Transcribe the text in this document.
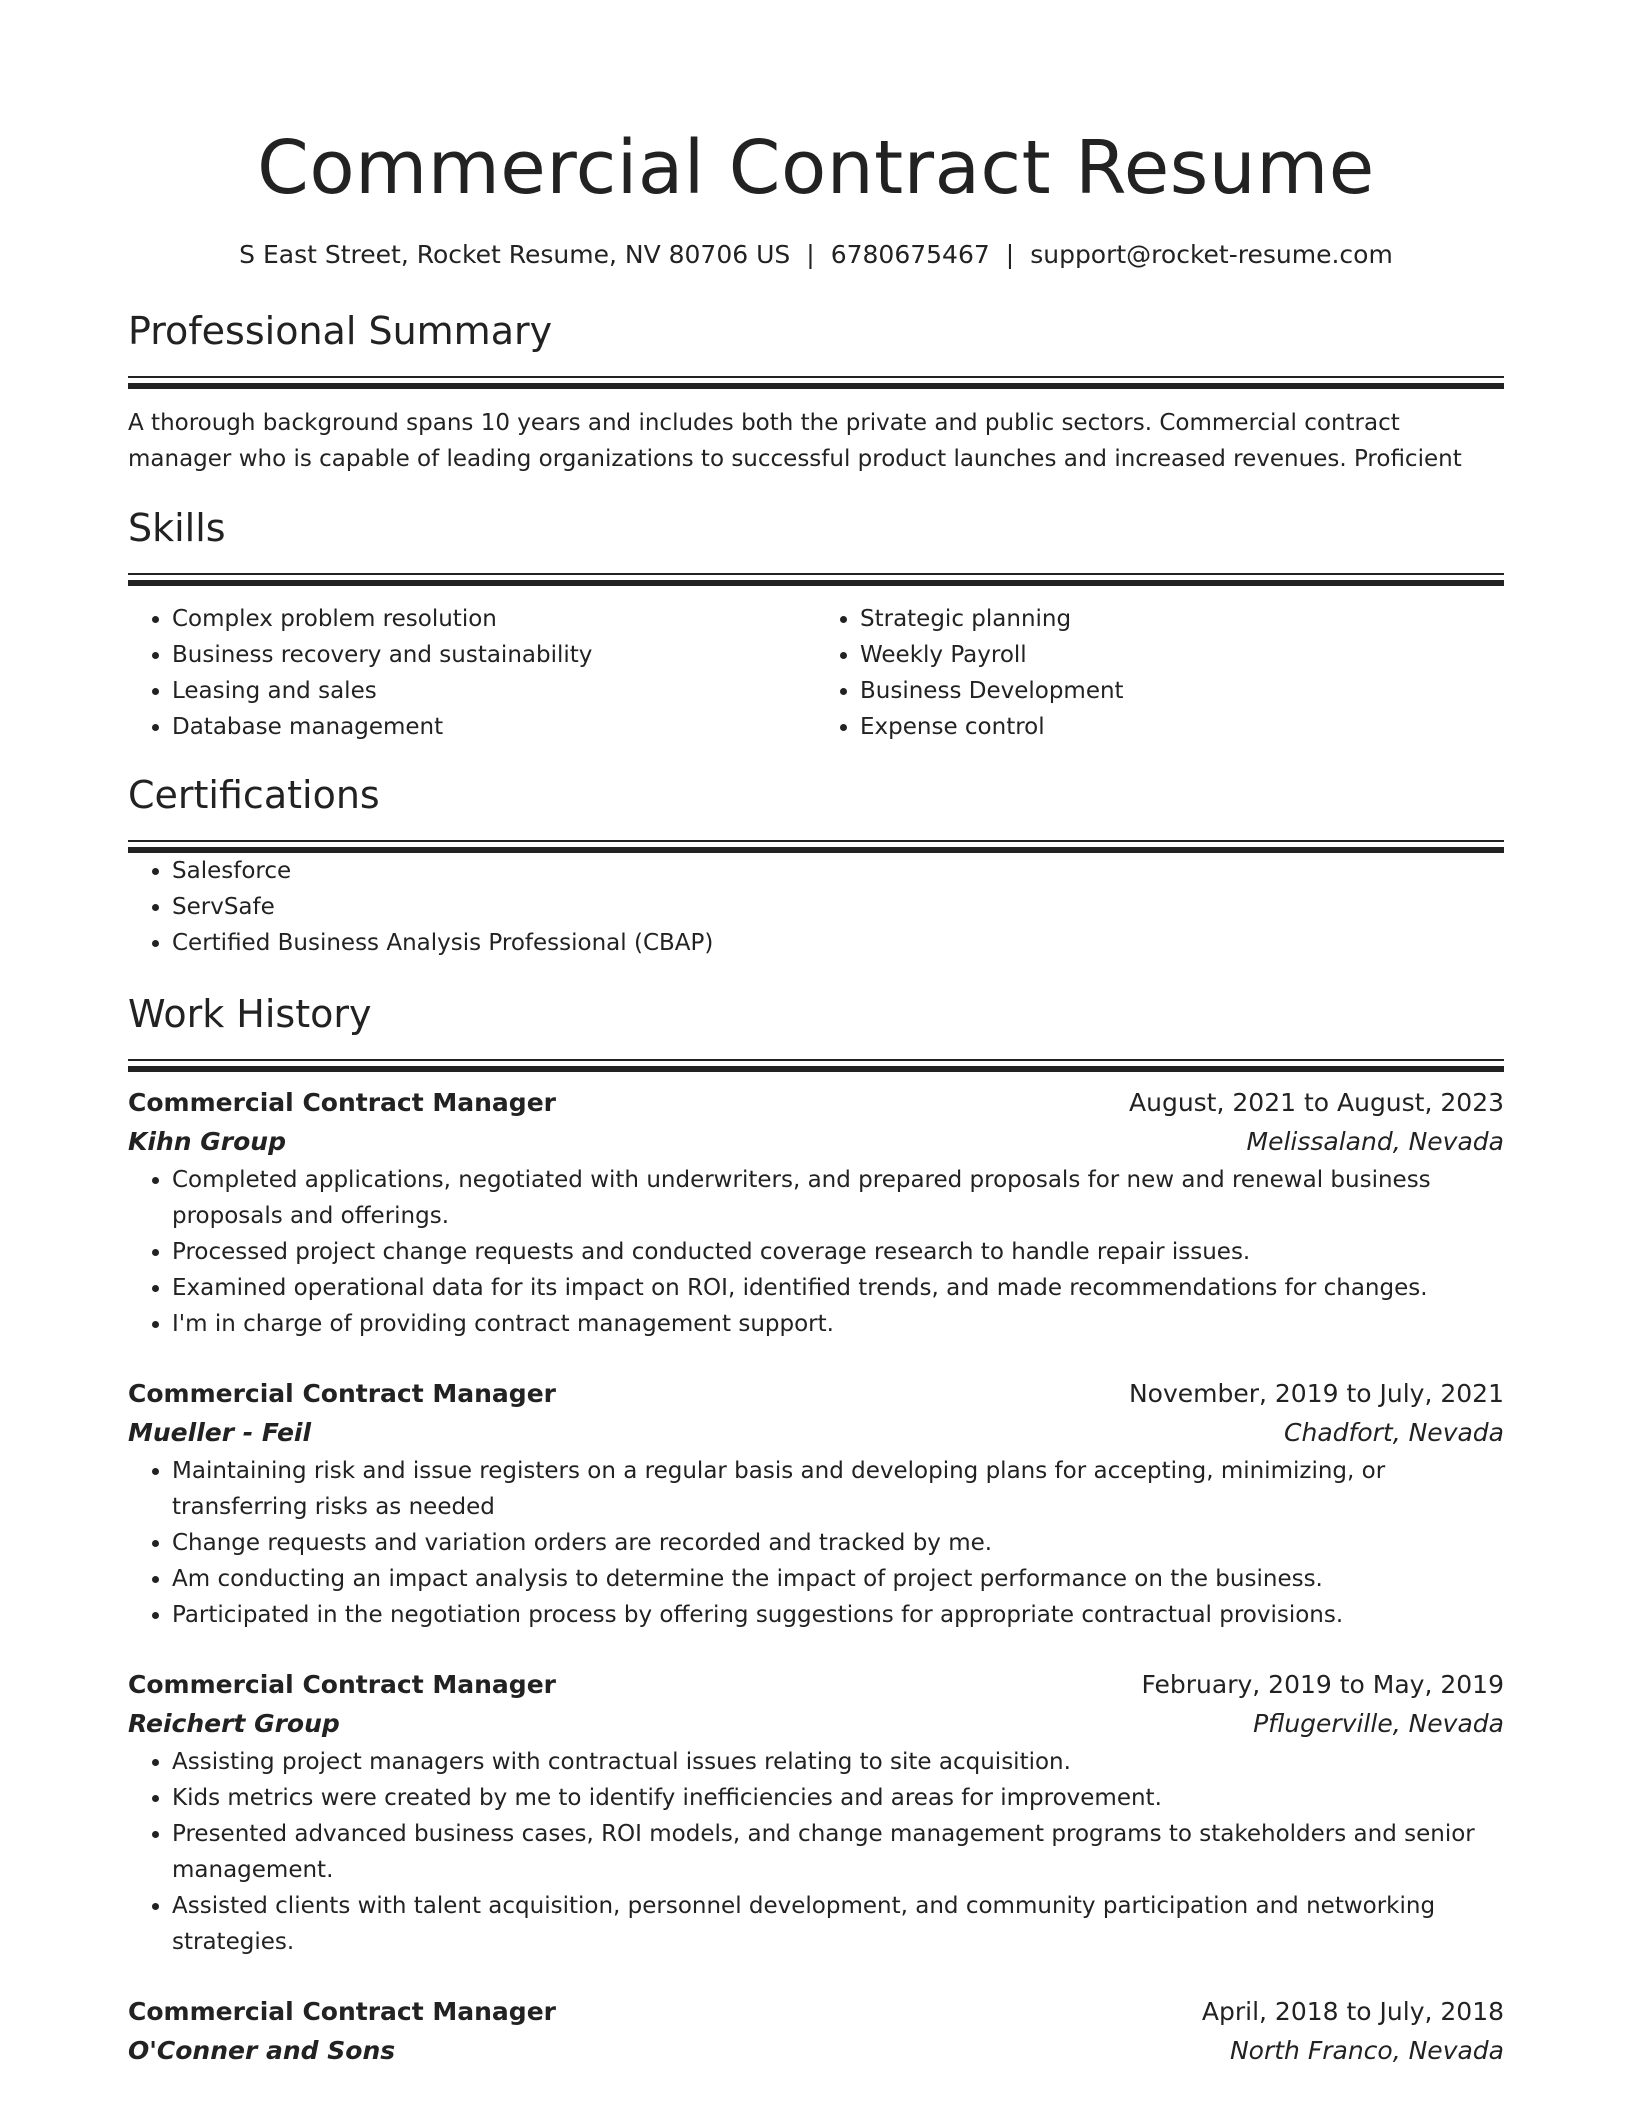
Commercial Contract Resume
S East Street, Rocket Resume, NV 80706 US | 6780675467 | support@rocket-resume.com
Professional Summary

A thorough background spans 10 years and includes both the private and public sectors. Commercial contract manager who is capable of leading organizations to successful product launches and increased revenues. Proficient

Skills
• Complex problem resolution
• Business recovery and sustainability
• Leasing and sales
• Database management
• Strategic planning
• Weekly Payroll
• Business Development
• Expense control
Certifications
• Salesforce
• ServSafe
• Certified Business Analysis Professional (CBAP)
Work History
Commercial Contract Manager	August, 2021 to August, 2023
Kihn Group	Melissaland, Nevada
• Completed applications, negotiated with underwriters, and prepared proposals for new and renewal business proposals and offerings.
• Processed project change requests and conducted coverage research to handle repair issues.
• Examined operational data for its impact on ROI, identified trends, and made recommendations for changes.
• I'm in charge of providing contract management support.
Commercial Contract Manager	November, 2019 to July, 2021
Mueller - Feil	Chadfort, Nevada
• Maintaining risk and issue registers on a regular basis and developing plans for accepting, minimizing, or transferring risks as needed
• Change requests and variation orders are recorded and tracked by me.
• Am conducting an impact analysis to determine the impact of project performance on the business.
• Participated in the negotiation process by offering suggestions for appropriate contractual provisions.
Commercial Contract Manager	February, 2019 to May, 2019
Reichert Group	Pflugerville, Nevada
• Assisting project managers with contractual issues relating to site acquisition.
• Kids metrics were created by me to identify inefficiencies and areas for improvement.
• Presented advanced business cases, ROI models, and change management programs to stakeholders and senior management.
• Assisted clients with talent acquisition, personnel development, and community participation and networking strategies.
Commercial Contract Manager	April, 2018 to July, 2018
O'Conner and Sons	North Franco, Nevada
